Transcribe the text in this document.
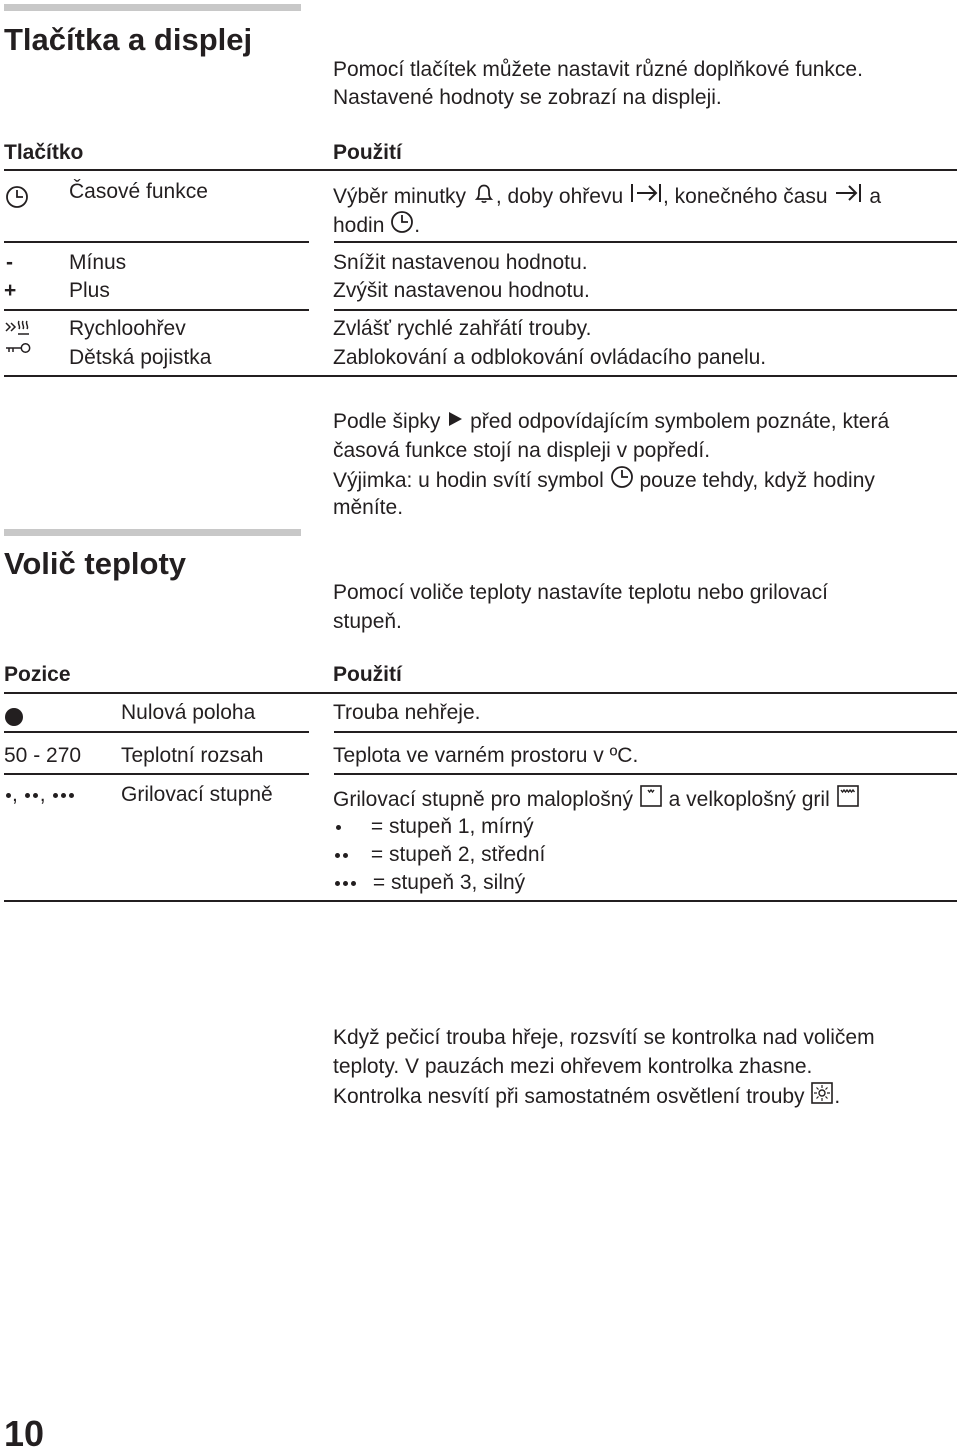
Tlačítka a displej
Pomocí tlačítek můžete nastavit různé doplňkové funkce.
Nastavené hodnoty se zobrazí na displeji.
Tlačítko	Použití
Časové funkce	Výběr minutky , doby ohřevu , konečného času a
hodin .
-	Mínus	Snížit nastavenou hodnotu.
+	Plus	Zvýšit nastavenou hodnotu.
Rychloohřev	Zvlášť rychlé zahřátí trouby.
Dětská pojistka	Zablokování a odblokování ovládacího panelu.
Podle šipky před odpovídajícím symbolem poznáte, která
časová funkce stojí na displeji v popředí.
Výjimka: u hodin svítí symbol pouze tehdy, když hodiny
měníte.
Volič teploty
Pomocí voliče teploty nastavíte teplotu nebo grilovací
stupeň.
Pozice	Použití
Nulová poloha	Trouba nehřeje.
50 - 270 Teplotní rozsah	Teplota ve varném prostoru v ºC.
, ,	Grilovací stupně	Grilovací stupně pro maloplošný a velkoplošný gril
= stupeň 1, mírný
= stupeň 2, střední
= stupeň 3, silný
Když pečicí trouba hřeje, rozsvítí se kontrolka nad voličem
teploty. V pauzách mezi ohřevem kontrolka zhasne.
Kontrolka nesvítí při samostatném osvětlení trouby .
10
